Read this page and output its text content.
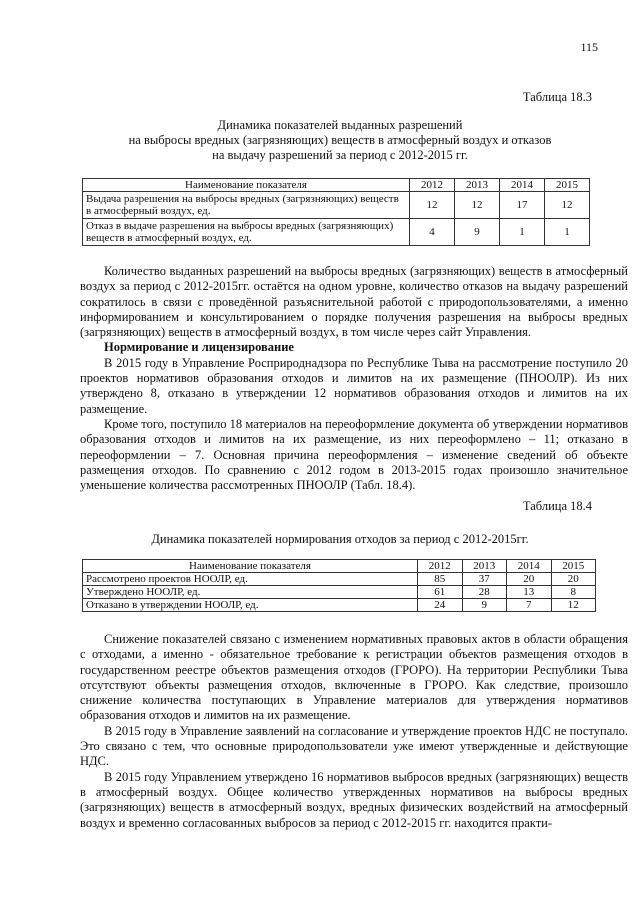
115
Таблица 18.3
Динамика показателей выданных разрешений
на выбросы вредных (загрязняющих) веществ в атмосферный воздух и отказов
на выдачу разрешений за период с 2012-2015 гг.
Наименование показателя	2012	2013	2014	2015
Выдача разрешения на выбросы вредных (загрязняющих) веществ в атмосферный воздух, ед.	12	12	17	12
Отказ в выдаче разрешения на выбросы вредных (загрязняющих) веществ в атмосферный воздух, ед.	4	9	1	1

Количество выданных разрешений на выбросы вредных (загрязняющих) веществ в атмосферный воздух за период с 2012-2015гг. остаётся на одном уровне, количество отказов на выдачу разрешений сократилось в связи с проведённой разъяснительной работой с природопользователями, а именно информированием и консультированием о порядке получения разрешения на выбросы вредных (загрязняющих) веществ в атмосферный воздух, в том числе через сайт Управления.

Нормирование и лицензирование

В 2015 году в Управление Росприроднадзора по Республике Тыва на рассмотрение поступило 20 проектов нормативов образования отходов и лимитов на их размещение (ПНООЛР). Из них утверждено 8, отказано в утверждении 12 нормативов образования отходов и лимитов на их размещение.

Кроме того, поступило 18 материалов на переоформление документа об утверждении нормативов образования отходов и лимитов на их размещение, из них переоформлено – 11; отказано в переоформлении – 7. Основная причина переоформления – изменение сведений об объекте размещения отходов. По сравнению с 2012 годом в 2013-2015 годах произошло значительное уменьшение количества рассмотренных ПНООЛР (Табл. 18.4).

Таблица 18.4
Динамика показателей нормирования отходов за период с 2012-2015гг.
Наименование показателя	2012	2013	2014	2015
Рассмотрено проектов НООЛР, ед.	85	37	20	20
Утверждено НООЛР, ед.	61	28	13	8
Отказано в утверждении НООЛР, ед.	24	9	7	12

Снижение показателей связано с изменением нормативных правовых актов в области обращения с отходами, а именно - обязательное требование к регистрации объектов размещения отходов в государственном реестре объектов размещения отходов (ГРОРО). На территории Республики Тыва отсутствуют объекты размещения отходов, включенные в ГРОРО. Как следствие, произошло снижение количества поступающих в Управление материалов для утверждения нормативов образования отходов и лимитов на их размещение.

В 2015 году в Управление заявлений на согласование и утверждение проектов НДС не поступало. Это связано с тем, что основные природопользователи уже имеют утвержденные и действующие НДС.

В 2015 году Управлением утверждено 16 нормативов выбросов вредных (загрязняющих) веществ в атмосферный воздух. Общее количество утвержденных нормативов на выбросы вредных (загрязняющих) веществ в атмосферный воздух, вредных физических воздействий на атмосферный воздух и временно согласованных выбросов за период с 2012-2015 гг. находится практи-
